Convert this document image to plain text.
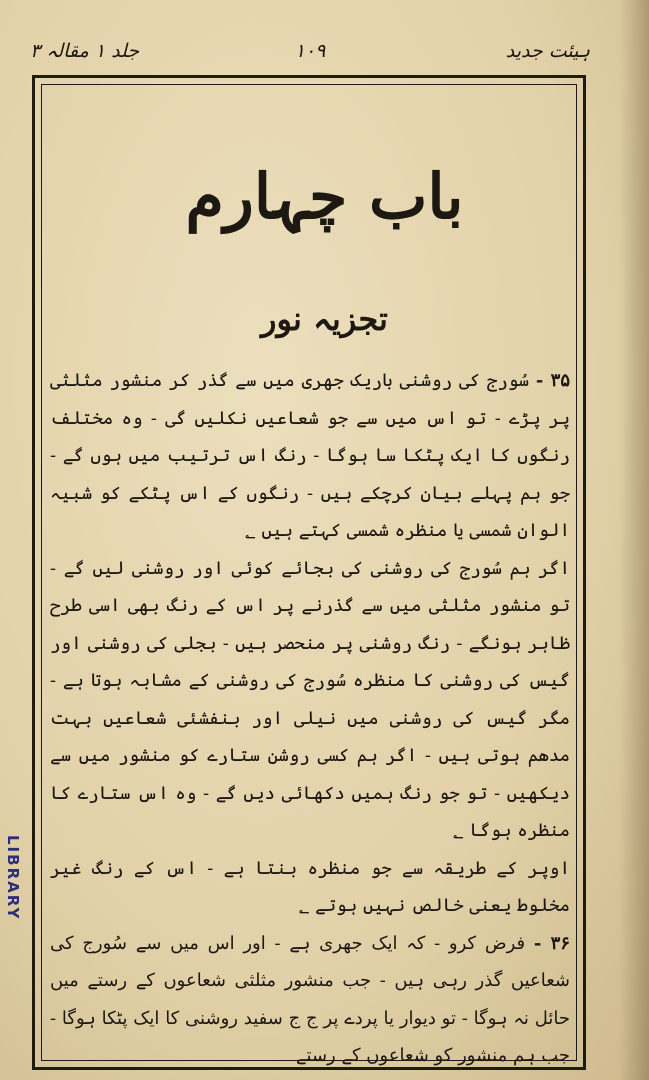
ہیئت جدید
۱۰۹
جلد ۱ مقالہ ۳
باب چہارم
تجزیہ نور

۳۵ - سُورج کی روشنی باریک جھری میں سے گذر کر منشور مثلثی پر پڑے - تو اس میں سے جو شعاعیں نکلیں گی - وہ مختلف رنگوں کا ایک پٹکا سا ہوگا - رنگ اس ترتیب میں ہوں گے - جو ہم پہلے بیان کرچکے ہیں - رنگوں کے اس پٹکے کو شبیہ الوان شمسی یا منظرہ شمسی کہتے ہیں ؂

اگر ہم سُورج کی روشنی کی بجائے کوئی اور روشنی لیں گے - تو منشور مثلثی میں سے گذرنے پر اس کے رنگ بھی اسی طرح ظاہر ہونگے - رنگ روشنی پر منحصر ہیں - بجلی کی روشنی اور گیس کی روشنی کا منظرہ سُورج کی روشنی کے مشابہ ہوتا ہے - مگر گیس کی روشنی میں نیلی اور بنفشئی شعاعیں بہت مدھم ہوتی ہیں - اگر ہم کسی روشن ستارے کو منشور میں سے دیکھیں - تو جو رنگ ہمیں دکھائی دیں گے - وہ اس ستارے کا منظرہ ہوگا ؂

اوپر کے طریقہ سے جو منظرہ بنتا ہے - اس کے رنگ غیر مخلوط یعنی خالص نہیں ہوتے ؂

۳۶ - فرض کرو - کہ ایک جھری ہے - اور اس میں سے سُورج کی شعاعیں گذر رہی ہیں - جب منشور مثلثی شعاعوں کے رستے میں حائل نہ ہوگا - تو دیوار یا پردے پر ج ج سفید روشنی کا ایک پٹکا ہوگا - جب ہم منشور کو شعاعوں کے رستے

LIBRARY
